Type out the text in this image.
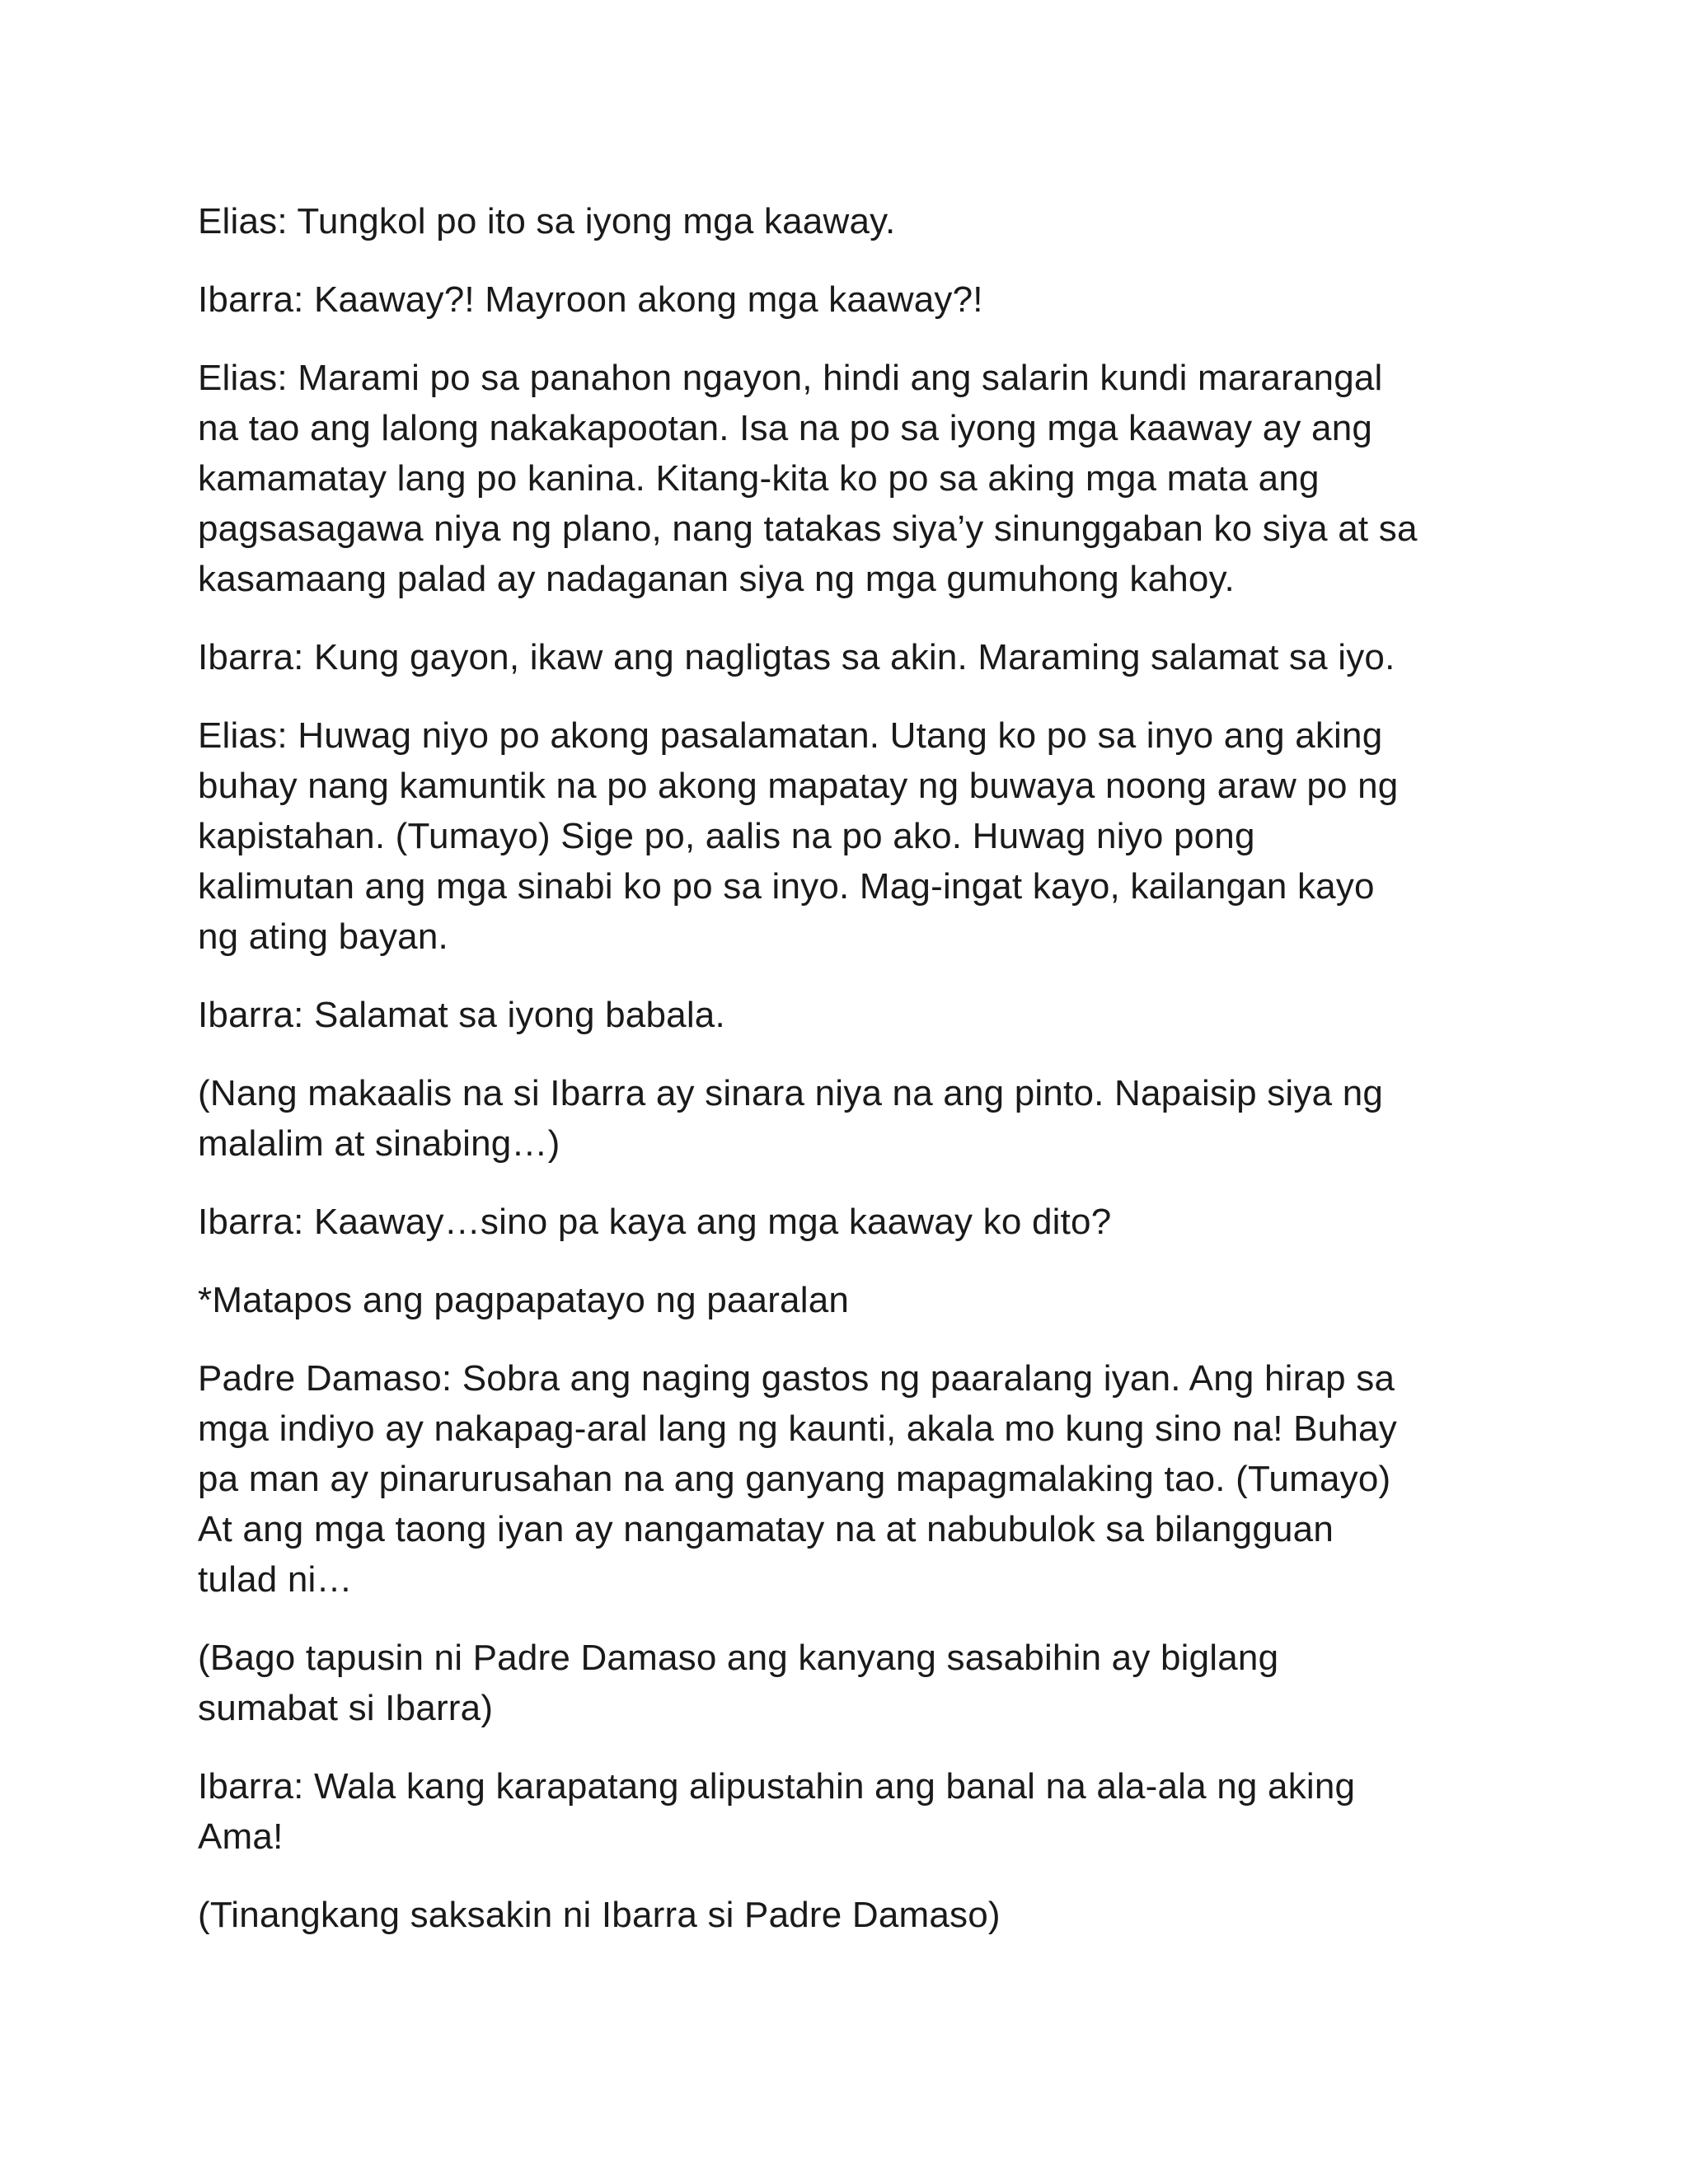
Elias: Tungkol po ito sa iyong mga kaaway.

Ibarra: Kaaway?! Mayroon akong mga kaaway?!

Elias: Marami po sa panahon ngayon, hindi ang salarin kundi mararangal
na tao ang lalong nakakapootan. Isa na po sa iyong mga kaaway ay ang
kamamatay lang po kanina. Kitang-kita ko po sa aking mga mata ang
pagsasagawa niya ng plano, nang tatakas siya’y sinunggaban ko siya at sa
kasamaang palad ay nadaganan siya ng mga gumuhong kahoy.

Ibarra: Kung gayon, ikaw ang nagligtas sa akin. Maraming salamat sa iyo.

Elias: Huwag niyo po akong pasalamatan. Utang ko po sa inyo ang aking
buhay nang kamuntik na po akong mapatay ng buwaya noong araw po ng
kapistahan. (Tumayo) Sige po, aalis na po ako. Huwag niyo pong
kalimutan ang mga sinabi ko po sa inyo. Mag-ingat kayo, kailangan kayo
ng ating bayan.

Ibarra: Salamat sa iyong babala.

(Nang makaalis na si Ibarra ay sinara niya na ang pinto. Napaisip siya ng
malalim at sinabing…)

Ibarra: Kaaway…sino pa kaya ang mga kaaway ko dito?

*Matapos ang pagpapatayo ng paaralan

Padre Damaso: Sobra ang naging gastos ng paaralang iyan. Ang hirap sa
mga indiyo ay nakapag-aral lang ng kaunti, akala mo kung sino na! Buhay
pa man ay pinarurusahan na ang ganyang mapagmalaking tao. (Tumayo)
At ang mga taong iyan ay nangamatay na at nabubulok sa bilangguan
tulad ni…

(Bago tapusin ni Padre Damaso ang kanyang sasabihin ay biglang
sumabat si Ibarra)

Ibarra: Wala kang karapatang alipustahin ang banal na ala-ala ng aking
Ama!

(Tinangkang saksakin ni Ibarra si Padre Damaso)
